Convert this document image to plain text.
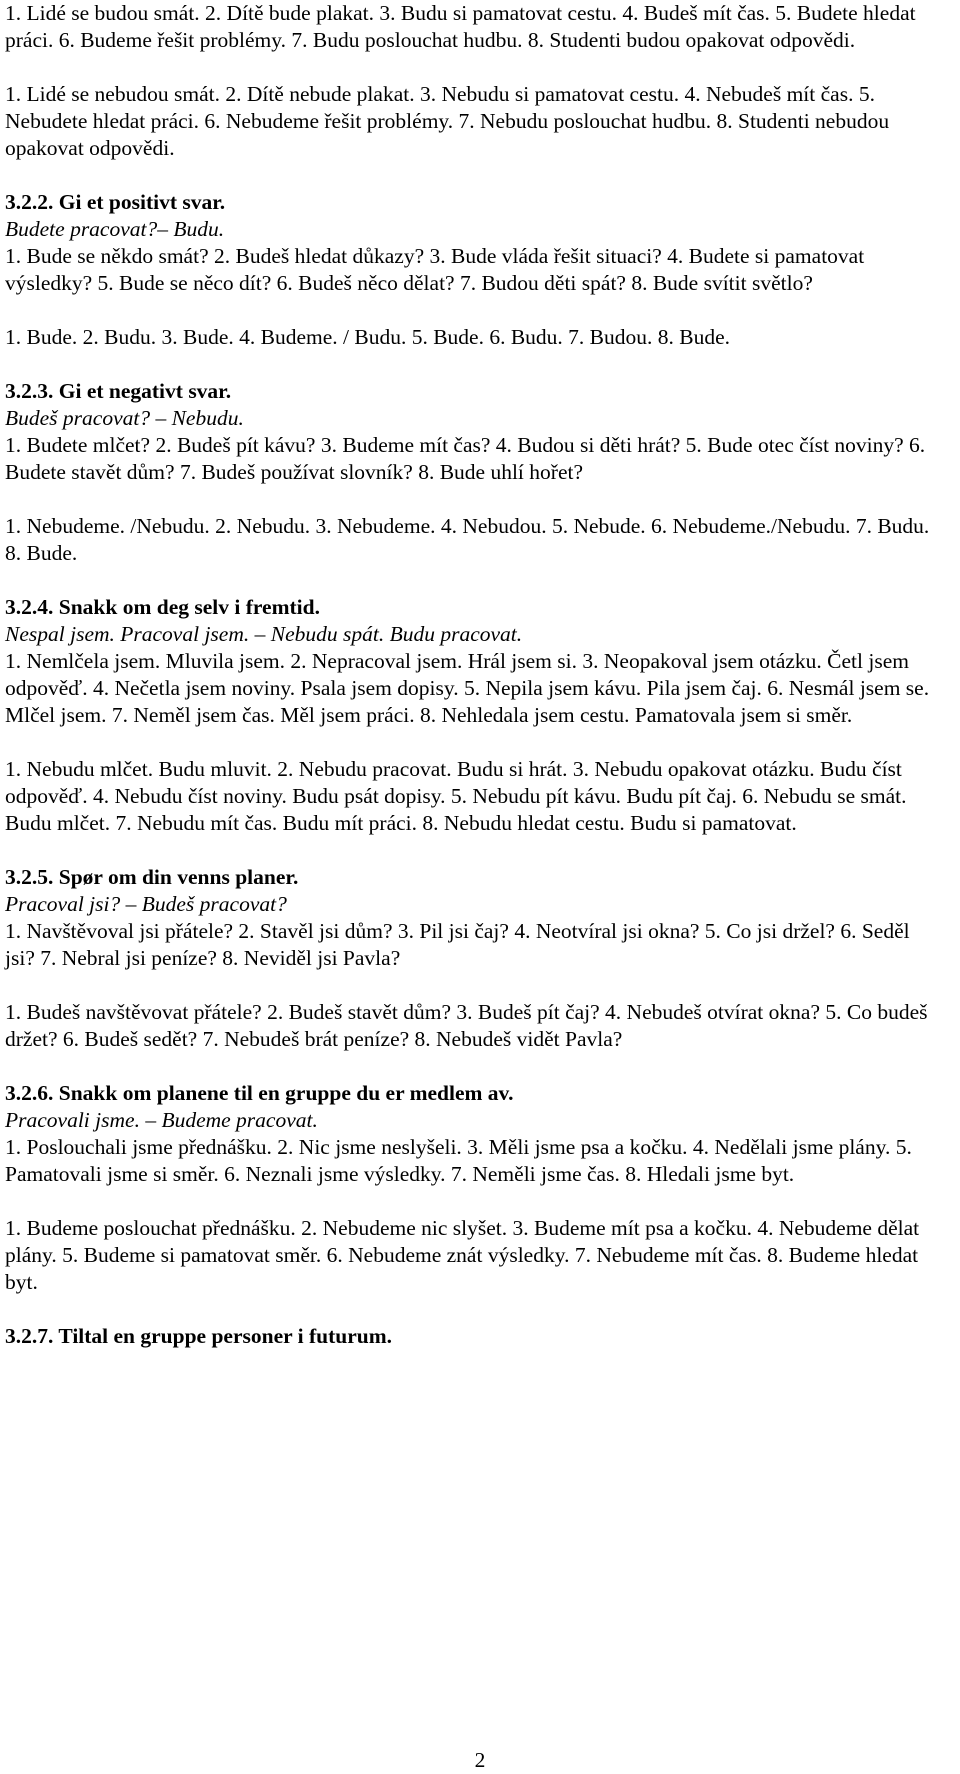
1. Lidé se budou smát. 2. Dítě bude plakat. 3. Budu si pamatovat cestu. 4. Budeš mít čas. 5. Budete hledat práci. 6. Budeme řešit problémy. 7. Budu poslouchat hudbu. 8. Studenti budou opakovat odpovědi.

1. Lidé se nebudou smát. 2. Dítě nebude plakat. 3. Nebudu si pamatovat cestu. 4. Nebudeš mít čas. 5. Nebudete hledat práci. 6. Nebudeme řešit problémy. 7. Nebudu poslouchat hudbu. 8. Studenti nebudou opakovat odpovědi.

3.2.2. Gi et positivt svar.

Budete pracovat?– Budu.

1. Bude se někdo smát? 2. Budeš hledat důkazy? 3. Bude vláda řešit situaci? 4. Budete si pamatovat výsledky? 5. Bude se něco dít? 6. Budeš něco dělat? 7. Budou děti spát? 8. Bude svítit světlo?

1. Bude. 2. Budu. 3. Bude. 4. Budeme. / Budu. 5. Bude. 6. Budu. 7. Budou. 8. Bude.

3.2.3. Gi et negativt svar.

Budeš pracovat? – Nebudu.

1. Budete mlčet? 2. Budeš pít kávu? 3. Budeme mít čas? 4. Budou si děti hrát? 5. Bude otec číst noviny? 6. Budete stavět dům? 7. Budeš používat slovník? 8. Bude uhlí hořet?

1. Nebudeme. /Nebudu. 2. Nebudu. 3. Nebudeme. 4. Nebudou. 5. Nebude. 6. Nebudeme./Nebudu. 7. Budu. 8. Bude.

3.2.4. Snakk om deg selv i fremtid.

Nespal jsem. Pracoval jsem. – Nebudu spát. Budu pracovat.

1. Nemlčela jsem. Mluvila jsem. 2. Nepracoval jsem. Hrál jsem si. 3. Neopakoval jsem otázku. Četl jsem odpověď. 4. Nečetla jsem noviny. Psala jsem dopisy. 5. Nepila jsem kávu. Pila jsem čaj. 6. Nesmál jsem se. Mlčel jsem. 7. Neměl jsem čas. Měl jsem práci. 8. Nehledala jsem cestu. Pamatovala jsem si směr.

1. Nebudu mlčet. Budu mluvit. 2. Nebudu pracovat. Budu si hrát. 3. Nebudu opakovat otázku. Budu číst odpověď. 4. Nebudu číst noviny. Budu psát dopisy. 5. Nebudu pít kávu. Budu pít čaj. 6. Nebudu se smát. Budu mlčet. 7. Nebudu mít čas. Budu mít práci. 8. Nebudu hledat cestu. Budu si pamatovat.

3.2.5. Spør om din venns planer.

Pracoval jsi? – Budeš pracovat?

1. Navštěvoval jsi přátele? 2. Stavěl jsi dům? 3. Pil jsi čaj? 4. Neotvíral jsi okna? 5. Co jsi držel? 6. Seděl jsi? 7. Nebral jsi peníze? 8. Neviděl jsi Pavla?

1. Budeš navštěvovat přátele? 2. Budeš stavět dům? 3. Budeš pít čaj? 4. Nebudeš otvírat okna? 5. Co budeš držet? 6. Budeš sedět? 7. Nebudeš brát peníze? 8. Nebudeš vidět Pavla?

3.2.6. Snakk om planene til en gruppe du er medlem av.

Pracovali jsme. – Budeme pracovat.

1. Poslouchali jsme přednášku. 2. Nic jsme neslyšeli. 3. Měli jsme psa a kočku. 4. Nedělali jsme plány. 5. Pamatovali jsme si směr. 6. Neznali jsme výsledky. 7. Neměli jsme čas. 8. Hledali jsme byt.

1. Budeme poslouchat přednášku. 2. Nebudeme nic slyšet. 3. Budeme mít psa a kočku. 4. Nebudeme dělat plány. 5. Budeme si pamatovat směr. 6. Nebudeme znát výsledky. 7. Nebudeme mít čas. 8. Budeme hledat byt.

3.2.7. Tiltal en gruppe personer i futurum.

2
